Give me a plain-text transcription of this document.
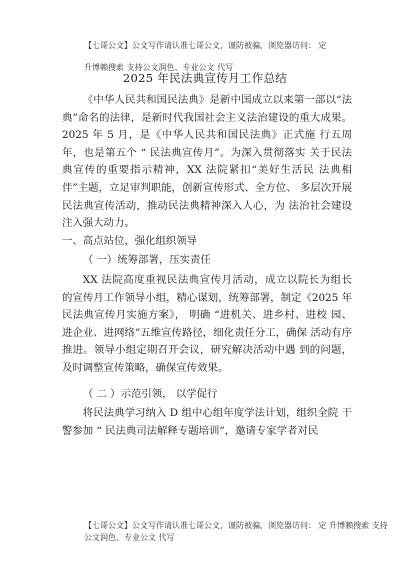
【七哥公文】公文写作请认准七哥公文，谨防被骗，浏览器访问： 定
升博赖搜索 支持公文润色、专业公文 代写
2025 年民法典宣传月工作总结

《中华人民共和国民法典》是新中国成立以来第一部以“法典”命名的法律，是新时代我国社会主义法治建设的重大成果。2025 年 5 月，是《中华人民共和国民法典》正式施 行五周年，也是第五个 “ 民法典宣传月”。为深入贯彻落实 关于民法典宣传的重要指示精神，XX 法院紧扣“美好生活民 法典相伴”主题，立足审判职能，创新宣传形式、全方位、 多层次开展民法典宣传活动，推动民法典精神深入人心，为 法治社会建设注入强大动力。

一、高点站位，强化组织领导

（ 一）统筹部署，压实责任

XX 法院高度重视民法典宣传月活动，成立以院长为组长 的宣传月工作领导小组，精心谋划，统筹部署，制定《2025 年民法典宣传月实施方案》， 明确 “进机关、进乡村、进校 园、进企业、进网络”五维宣传路径，细化责任分工，确保 活动有序推进。领导小组定期召开会议，研究解决活动中遇 到的问题，及时调整宣传策略，确保宣传效果。

（ 二 ）示范引领， 以学促行

将民法典学习纳入 D 组中心组年度学法计划，组织全院 干警参加 “ 民法典司法解释专题培训”，邀请专家学者对民

【七哥公文】公文写作请认准七哥公文，谨防被骗，浏览器访问： 定 升博赖搜索 支持
公文润色、专业公文 代写
